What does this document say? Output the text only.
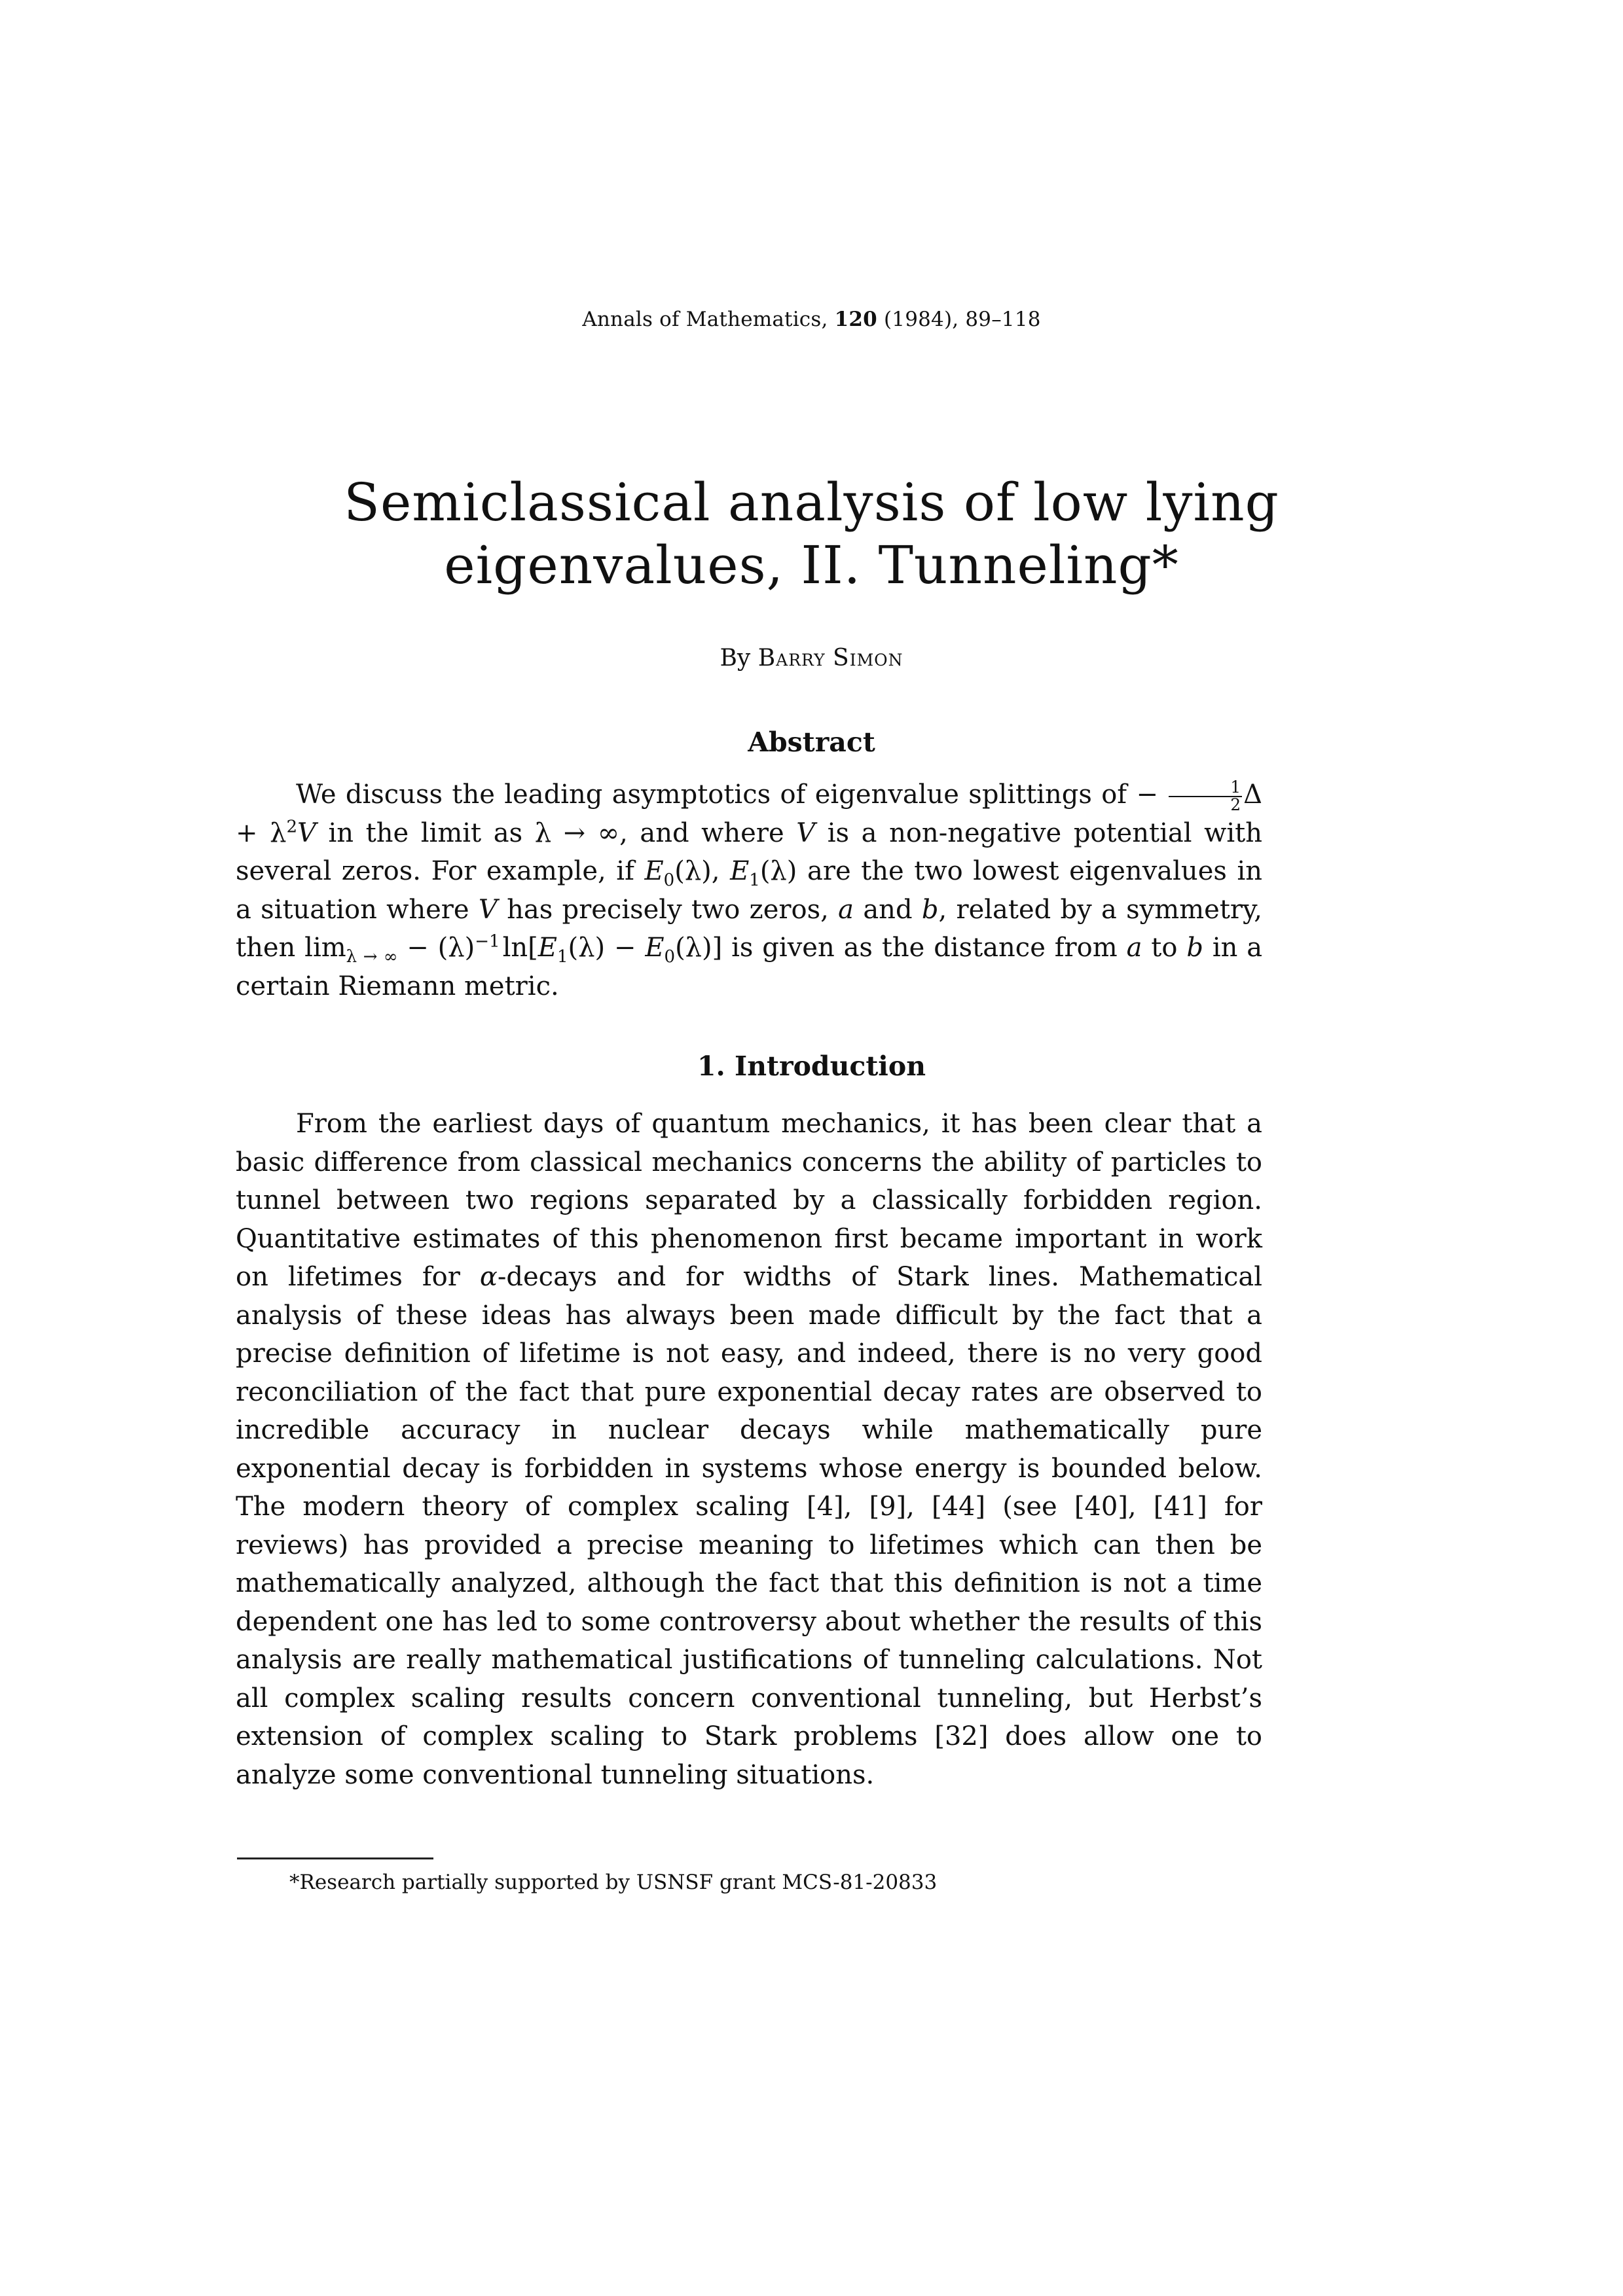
Annals of Mathematics, 120 (1984), 89–118
Semiclassical analysis of low lying
eigenvalues, II. Tunneling*
By Barry Simon
Abstract

We discuss the leading asymptotics of eigenvalue splittings of − $\frac{1}{2}$ $\Delta + \lambda^2V$ in the limit as λ → ∞, and where V is a non-negative potential with several zeros. For example, if $E_0(\lambda)$, $E_1(\lambda)$ are the two lowest eigenvalues in a situation where V has precisely two zeros, a and b, related by a symmetry, then $\lim_{\lambda \to \infty} - (\lambda)^{-1}$ $\ln[E_1(\lambda) - E_0(\lambda)]$ is given as the distance from a to b in a certain Riemann metric.

1. Introduction

From the earliest days of quantum mechanics, it has been clear that a basic difference from classical mechanics concerns the ability of particles to tunnel between two regions separated by a classically forbidden region. Quantitative estimates of this phenomenon first became important in work on lifetimes for α-decays and for widths of Stark lines. Mathematical analysis of these ideas has always been made difficult by the fact that a precise definition of lifetime is not easy, and indeed, there is no very good reconciliation of the fact that pure exponential decay rates are observed to incredible accuracy in nuclear decays while mathematically pure exponential decay is forbidden in systems whose energy is bounded below. The modern theory of complex scaling [4], [9], [44] (see [40], [41] for reviews) has provided a precise meaning to lifetimes which can then be mathematically analyzed, although the fact that this definition is not a time dependent one has led to some controversy about whether the results of this analysis are really mathematical justifications of tunneling calculations. Not all complex scaling results concern conventional tunneling, but Herbst’s extension of complex scaling to Stark problems [32] does allow one to analyze some conventional tunneling situations.

*Research partially supported by USNSF grant MCS-81-20833
